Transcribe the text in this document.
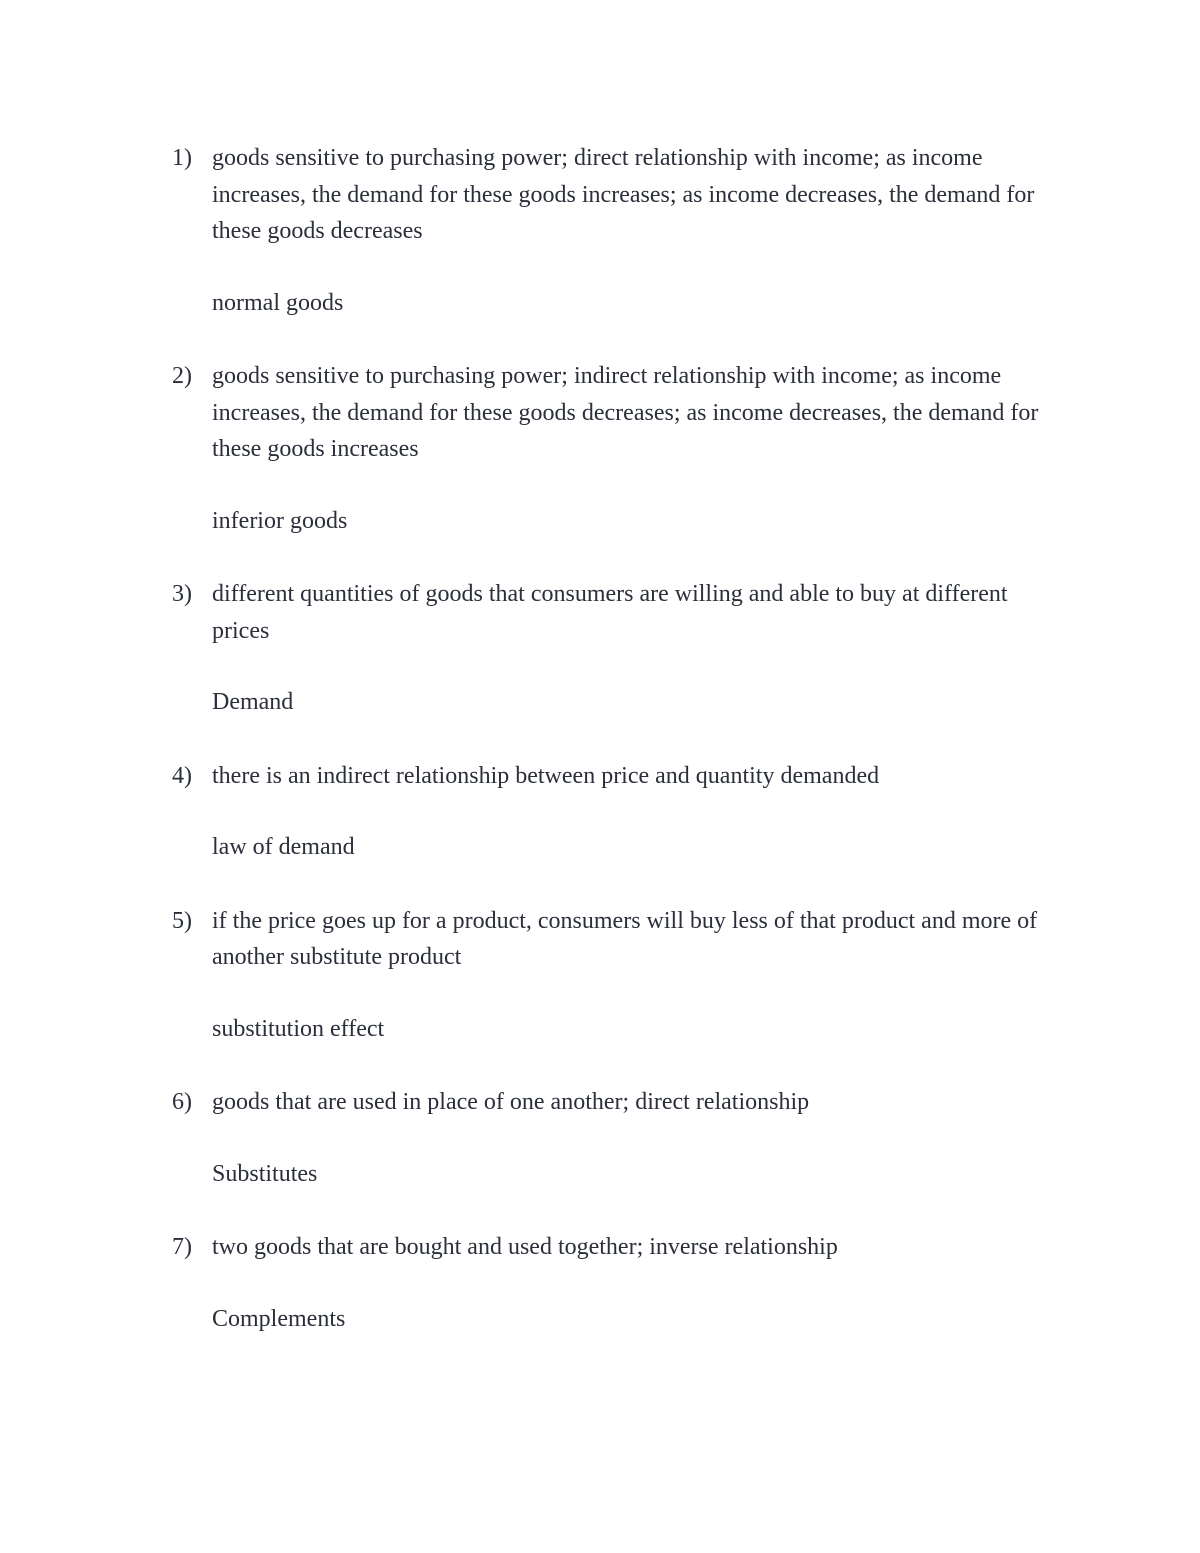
1) goods sensitive to purchasing power; direct relationship with income; as income increases, the demand for these goods increases; as income decreases, the demand for these goods decreases

normal goods

2) goods sensitive to purchasing power; indirect relationship with income; as income increases, the demand for these goods decreases; as income decreases, the demand for these goods increases

inferior goods

3) different quantities of goods that consumers are willing and able to buy at different prices

Demand

4) there is an indirect relationship between price and quantity demanded

law of demand

5) if the price goes up for a product, consumers will buy less of that product and more of another substitute product

substitution effect

6) goods that are used in place of one another; direct relationship

Substitutes

7) two goods that are bought and used together; inverse relationship

Complements
